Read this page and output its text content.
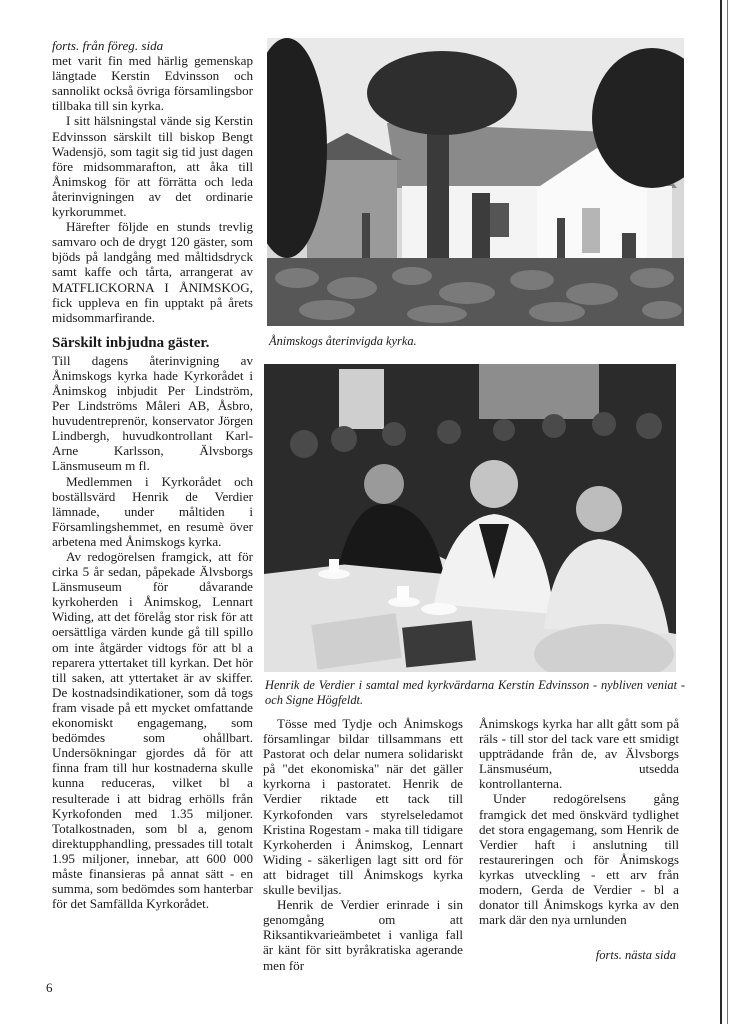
forts. från föreg. sida

met varit fin med härlig gemenskap längtade Kerstin Edvinsson och sannolikt också övriga församlingsbor tillbaka till sin kyrka.

I sitt hälsningstal vände sig Kerstin Edvinsson särskilt till biskop Bengt Wadensjö, som tagit sig tid just dagen före midsommarafton, att åka till Ånimskog för att förrätta och leda återinvigningen av det ordinarie kyrkorummet.

Härefter följde en stunds trevlig samvaro och de drygt 120 gäster, som bjöds på landgång med måltidsdryck samt kaffe och tårta, arrangerat av MATFLICKORNA I ÅNIMSKOG, fick uppleva en fin upptakt på årets midsommarfirande.

Särskilt inbjudna gäster.

Till dagens återinvigning av Ånimskogs kyrka hade Kyrkorådet i Ånimskog inbjudit Per Lindström, Per Lindströms Måleri AB, Åsbro, huvudentreprenör, konservator Jörgen Lindbergh, huvudkontrollant Karl-Arne Karlsson, Älvsborgs Länsmuseum m fl.

Medlemmen i Kyrkorådet och boställsvärd Henrik de Verdier lämnade, under måltiden i Församlingshemmet, en resumè över arbetena med Ånimskogs kyrka.

Av redogörelsen framgick, att för cirka 5 år sedan, påpekade Älvsborgs Länsmuseum för dåvarande kyrkoherden i Ånimskog, Lennart Widing, att det förelåg stor risk för att oersättliga värden kunde gå till spillo om inte åtgärder vidtogs för att bl a reparera yttertaket till kyrkan. Det hör till saken, att yttertaket är av skiffer. De kostnadsindikationer, som då togs fram visade på ett mycket omfattande ekonomiskt engagemang, som bedömdes som ohållbart. Undersökningar gjordes då för att finna fram till hur kostnaderna skulle kunna reduceras, vilket bl a resulterade i att bidrag erhölls från Kyrkofonden med 1.35 miljoner. Totalkostnaden, som bl a, genom direktupphandling, pressades till totalt 1.95 miljoner, innebar, att 600 000 måste finansieras på annat sätt - en summa, som bedömdes som hanterbar för det Samfällda Kyrkorådet.

Ånimskogs återinvigda kyrka.
Henrik de Verdier i samtal med kyrkvärdarna Kerstin Edvinsson - nybliven veniat - och Signe Högfeldt.

Tösse med Tydje och Ånimskogs församlingar bildar tillsammans ett Pastorat och delar numera solidariskt på "det ekonomiska" när det gäller kyrkorna i pastoratet. Henrik de Verdier riktade ett tack till Kyrkofonden vars styrelseledamot Kristina Rogestam - maka till tidigare Kyrkoherden i Ånimskog, Lennart Widing - säkerligen lagt sitt ord för att bidraget till Ånimskogs kyrka skulle beviljas.

Henrik de Verdier erinrade i sin genomgång om att Riksantikvarieämbetet i vanliga fall är känt för sitt byråkratiska agerande men för

Ånimskogs kyrka har allt gått som på räls - till stor del tack vare ett smidigt uppträdande från de, av Älvsborgs Länsmuséum, utsedda kontrollanterna.

Under redogörelsens gång framgick det med önskvärd tydlighet det stora engagemang, som Henrik de Verdier haft i anslutning till restaureringen och för Ånimskogs kyrkas utveckling - ett arv från modern, Gerda de Verdier - bl a donator till Ånimskogs kyrka av den mark där den nya urnlunden

forts. nästa sida
6
